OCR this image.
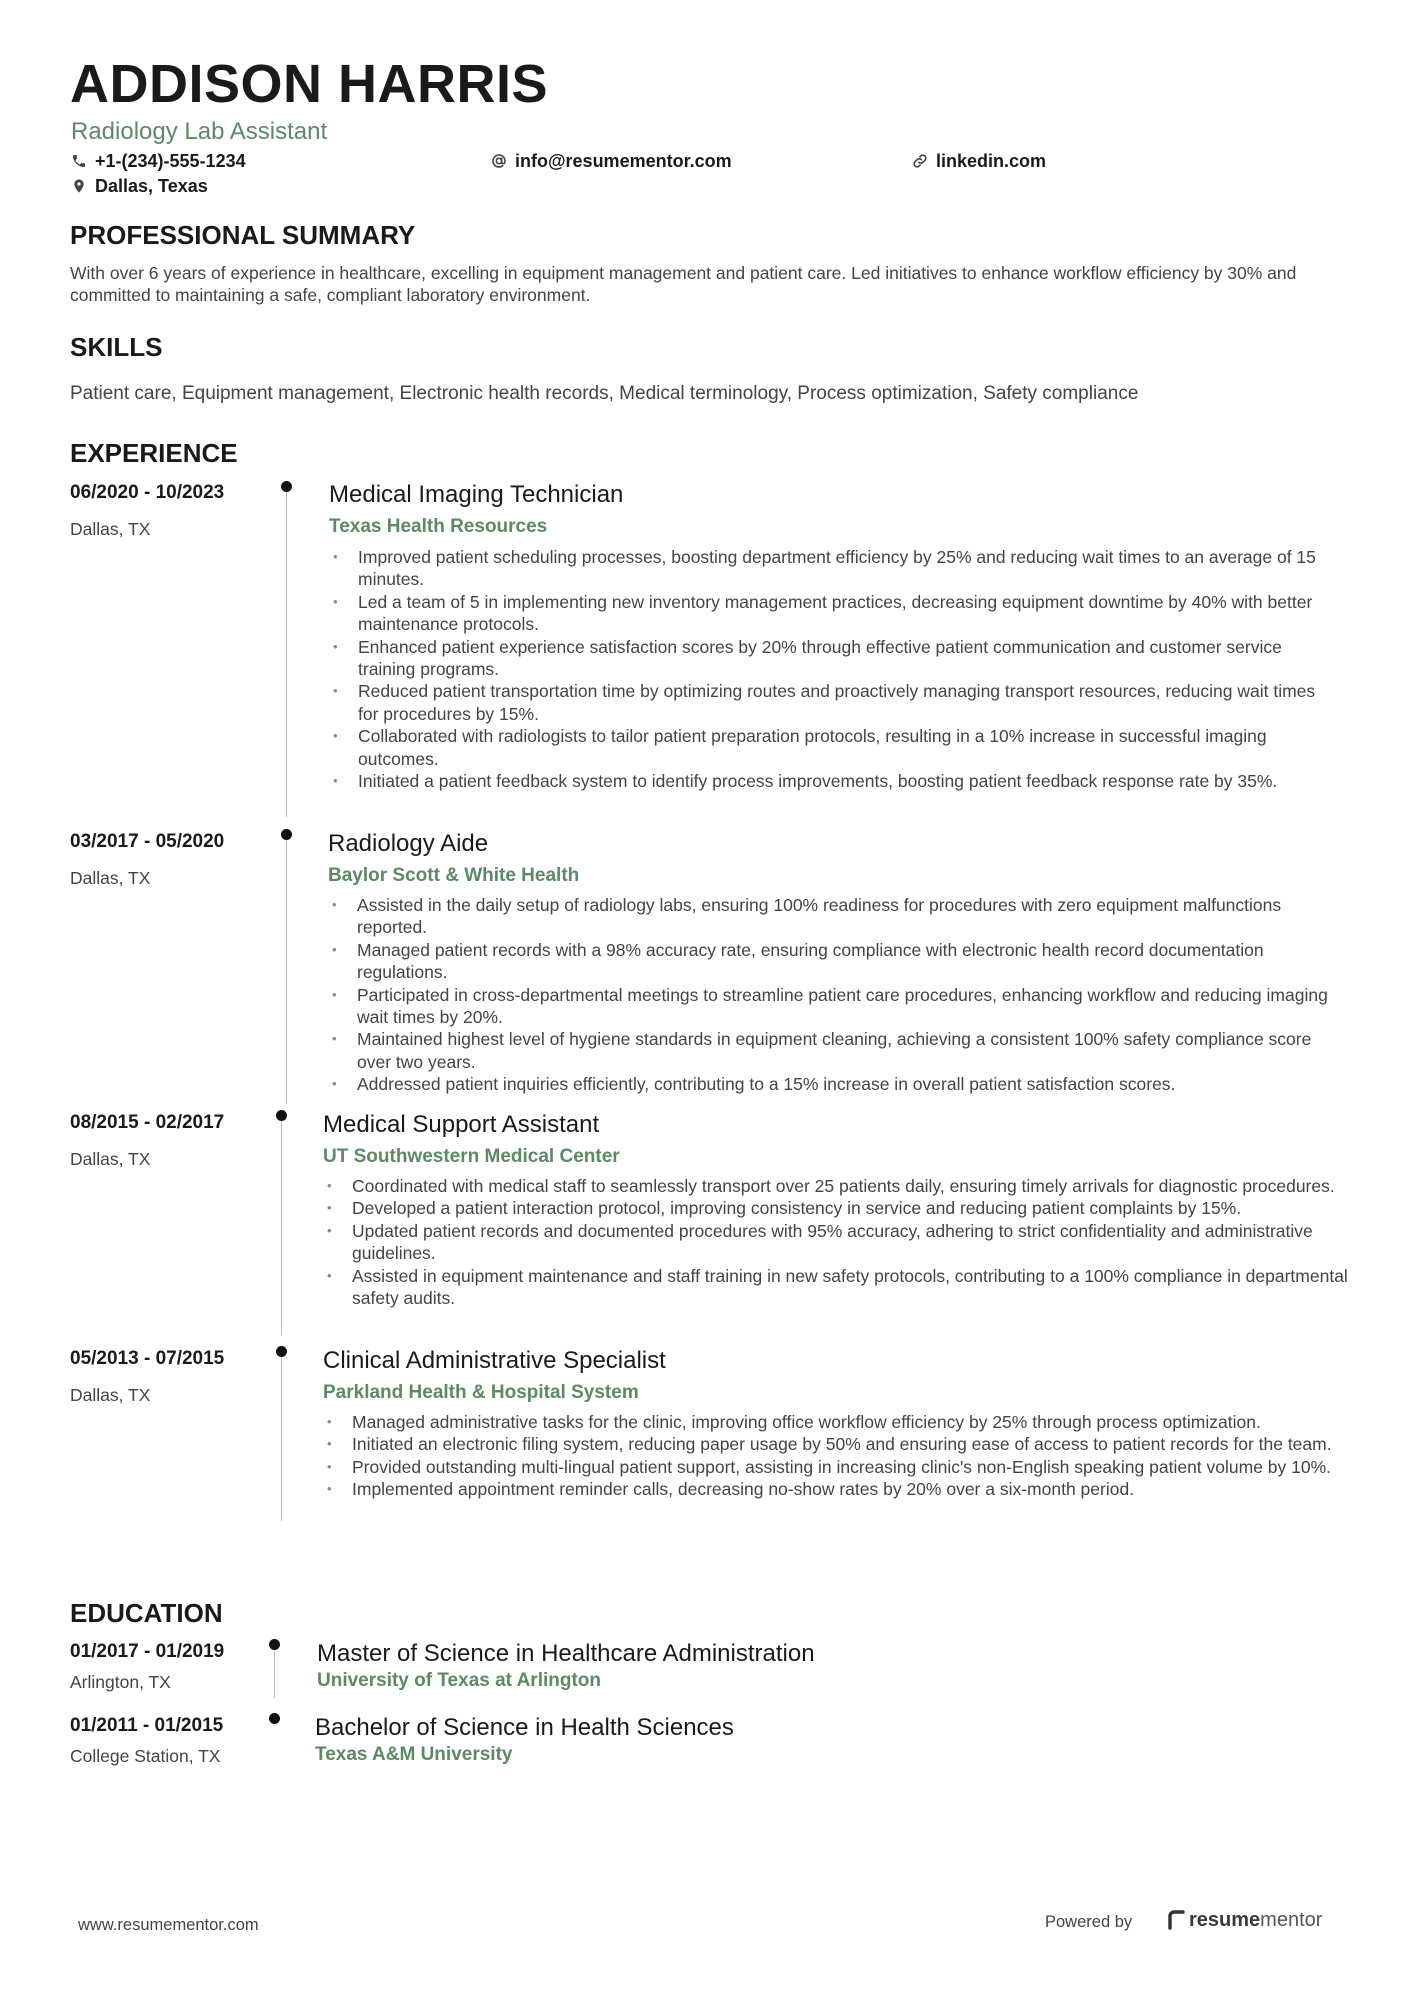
ADDISON HARRIS
Radiology Lab Assistant
+1-(234)-555-1234	info@resumementor.com	linkedin.com
Dallas, Texas
PROFESSIONAL SUMMARY

With over 6 years of experience in healthcare, excelling in equipment management and patient care. Led initiatives to enhance workflow efficiency by 30% and committed to maintaining a safe, compliant laboratory environment.

SKILLS

Patient care, Equipment management, Electronic health records, Medical terminology, Process optimization, Safety compliance

EXPERIENCE
06/2020 - 10/2023
Dallas, TX
Medical Imaging Technician
Texas Health Resources
• Improved patient scheduling processes, boosting department efficiency by 25% and reducing wait times to an average of 15 minutes.
• Led a team of 5 in implementing new inventory management practices, decreasing equipment downtime by 40% with better maintenance protocols.
• Enhanced patient experience satisfaction scores by 20% through effective patient communication and customer service training programs.
• Reduced patient transportation time by optimizing routes and proactively managing transport resources, reducing wait times for procedures by 15%.
• Collaborated with radiologists to tailor patient preparation protocols, resulting in a 10% increase in successful imaging outcomes.
• Initiated a patient feedback system to identify process improvements, boosting patient feedback response rate by 35%.
03/2017 - 05/2020
Dallas, TX
Radiology Aide
Baylor Scott & White Health
• Assisted in the daily setup of radiology labs, ensuring 100% readiness for procedures with zero equipment malfunctions reported.
• Managed patient records with a 98% accuracy rate, ensuring compliance with electronic health record documentation regulations.
• Participated in cross-departmental meetings to streamline patient care procedures, enhancing workflow and reducing imaging wait times by 20%.
• Maintained highest level of hygiene standards in equipment cleaning, achieving a consistent 100% safety compliance score over two years.
• Addressed patient inquiries efficiently, contributing to a 15% increase in overall patient satisfaction scores.
08/2015 - 02/2017
Dallas, TX
Medical Support Assistant
UT Southwestern Medical Center
• Coordinated with medical staff to seamlessly transport over 25 patients daily, ensuring timely arrivals for diagnostic procedures.
• Developed a patient interaction protocol, improving consistency in service and reducing patient complaints by 15%.
• Updated patient records and documented procedures with 95% accuracy, adhering to strict confidentiality and administrative guidelines.
• Assisted in equipment maintenance and staff training in new safety protocols, contributing to a 100% compliance in departmental safety audits.
05/2013 - 07/2015
Dallas, TX
Clinical Administrative Specialist
Parkland Health & Hospital System
• Managed administrative tasks for the clinic, improving office workflow efficiency by 25% through process optimization.
• Initiated an electronic filing system, reducing paper usage by 50% and ensuring ease of access to patient records for the team.
• Provided outstanding multi-lingual patient support, assisting in increasing clinic's non-English speaking patient volume by 10%.
• Implemented appointment reminder calls, decreasing no-show rates by 20% over a six-month period.
EDUCATION
01/2017 - 01/2019
Arlington, TX
Master of Science in Healthcare Administration
University of Texas at Arlington
01/2011 - 01/2015
College Station, TX
Bachelor of Science in Health Sciences
Texas A&M University
www.resumementor.com	Powered by	resume mentor
